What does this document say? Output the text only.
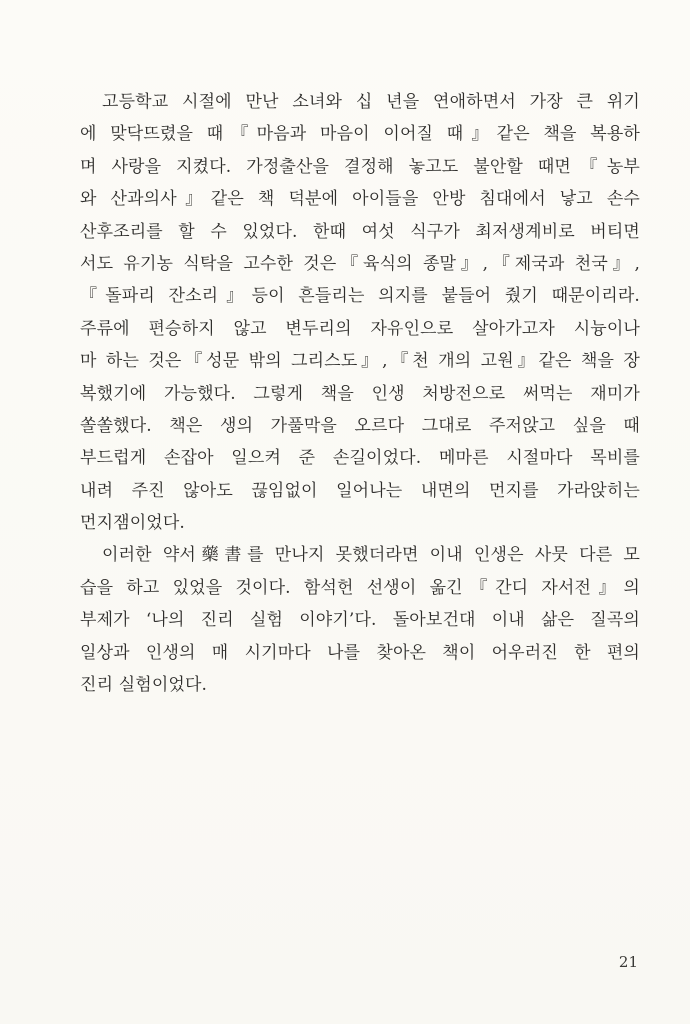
고등학교 시절에 만난 소녀와 십 년을 연애하면서 가장 큰 위기
에 맞닥뜨렸을 때『마음과 마음이 이어질 때』같은 책을 복용하
며 사랑을 지켰다. 가정출산을 결정해 놓고도 불안할 때면『농부
와 산과의사』같은 책 덕분에 아이들을 안방 침대에서 낳고 손수
산후조리를 할 수 있었다. 한때 여섯 식구가 최저생계비로 버티면
서도 유기농 식탁을 고수한 것은『육식의 종말』,『제국과 천국』,
『돌파리 잔소리』등이 흔들리는 의지를 붙들어 줬기 때문이리라.
주류에 편승하지 않고 변두리의 자유인으로 살아가고자 시늉이나
마 하는 것은『성문 밖의 그리스도』,『천 개의 고원』같은 책을 장
복했기에 가능했다. 그렇게 책을 인생 처방전으로 써먹는 재미가
쏠쏠했다. 책은 생의 가풀막을 오르다 그대로 주저앉고 싶을 때
부드럽게 손잡아 일으켜 준 손길이었다. 메마른 시절마다 목비를
내려 주진 않아도 끊임없이 일어나는 내면의 먼지를 가라앉히는
먼지잼이었다.
이러한 약서藥書를 만나지 못했더라면 이내 인생은 사뭇 다른 모
습을 하고 있었을 것이다. 함석헌 선생이 옮긴『간디 자서전』의
부제가 ‘나의 진리 실험 이야기’다. 돌아보건대 이내 삶은 질곡의
일상과 인생의 매 시기마다 나를 찾아온 책이 어우러진 한 편의
진리 실험이었다.
21
